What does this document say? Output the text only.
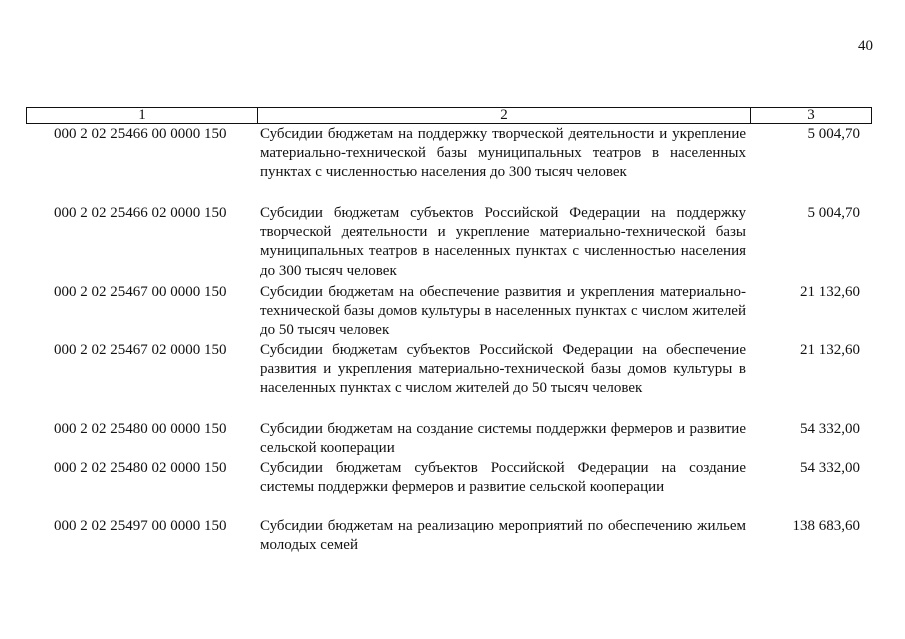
40
1	2	3
000 2 02 25466 00 0000 150 Субсидии бюджетам на поддержку творческой деятельности и укрепление материально-технической базы муниципальных театров в населенных пунктах с численностью населения до 300 тысяч человек
5 004,70
000 2 02 25466 02 0000 150 Субсидии бюджетам субъектов Российской Федерации на поддержку творческой деятельности и укрепление материально-технической базы муниципальных театров в населенных пунктах с численностью населения до 300 тысяч человек
5 004,70
000 2 02 25467 00 0000 150 Субсидии бюджетам на обеспечение развития и укрепления материально-технической базы домов культуры в населенных пунктах с числом жителей до 50 тысяч человек
21 132,60
000 2 02 25467 02 0000 150 Субсидии бюджетам субъектов Российской Федерации на обеспечение развития и укрепления материально-технической базы домов культуры в населенных пунктах с числом жителей до 50 тысяч человек
21 132,60
000 2 02 25480 00 0000 150 Субсидии бюджетам на создание системы поддержки фермеров и развитие сельской кооперации
54 332,00
000 2 02 25480 02 0000 150 Субсидии бюджетам субъектов Российской Федерации на создание системы поддержки фермеров и развитие сельской кооперации
54 332,00
000 2 02 25497 00 0000 150 Субсидии бюджетам на реализацию мероприятий по обеспечению жильем молодых семей
138 683,60
